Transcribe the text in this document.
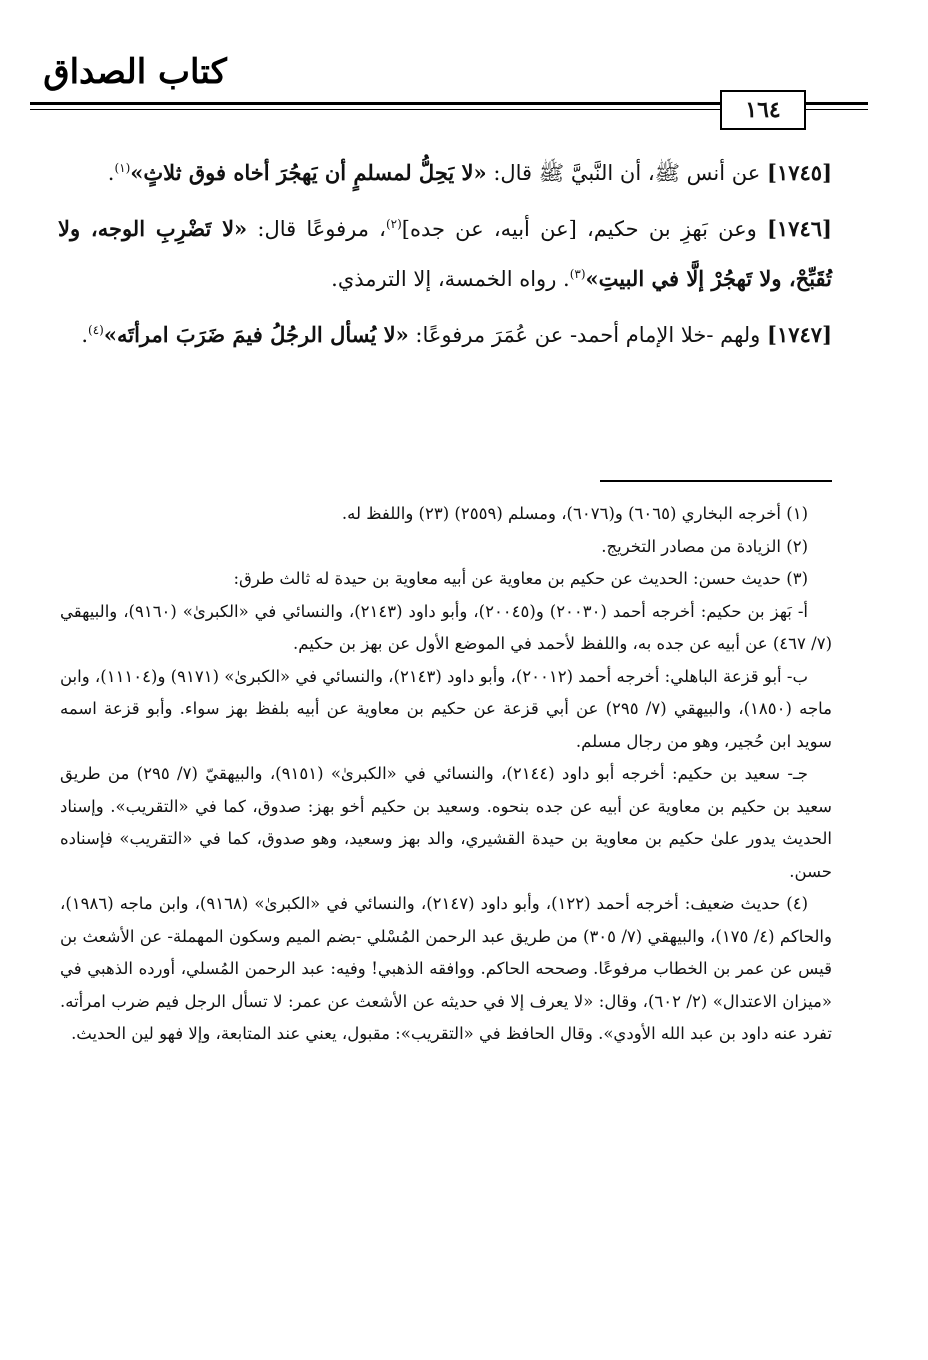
كتاب الصداق
١٦٤

[١٧٤٥] عن أنس ﷺ، أن النَّبيَّ ﷺ قال: «لا يَحِلُّ لمسلمٍ أن يَهجُرَ أخاه فوق ثلاثٍ»$^{(١)}$.

[١٧٤٦] وعن بَهزِ بن حكيم، [عن أبيه، عن جده]$^{(٢)}$، مرفوعًا قال: «لا تَضْرِبِ الوجه، ولا تُقَبِّحْ، ولا تَهجُرْ إلَّا في البيتِ»$^{(٣)}$. رواه الخمسة، إلا الترمذي.

[١٧٤٧] ولهم -خلا الإمام أحمد- عن عُمَرَ مرفوعًا: «لا يُسأل الرجُلُ فيمَ ضَرَبَ امرأتَه»$^{(٤)}$.

(١) أخرجه البخاري (٦٠٦٥) و(٦٠٧٦)، ومسلم (٢٥٥٩) (٢٣) واللفظ له.

(٢) الزيادة من مصادر التخريج.

(٣) حديث حسن: الحديث عن حكيم بن معاوية عن أبيه معاوية بن حيدة له ثالث طرق:

أ- بَهز بن حكيم: أخرجه أحمد (٢٠٠٣٠) و(٢٠٠٤٥)، وأبو داود (٢١٤٣)، والنسائي في «الكبرىٰ» (٩١٦٠)، والبيهقي (٧/ ٤٦٧) عن أبيه عن جده به، واللفظ لأحمد في الموضع الأول عن بهز بن حكيم.

ب- أبو قزعة الباهلي: أخرجه أحمد (٢٠٠١٢)، وأبو داود (٢١٤٣)، والنسائي في «الكبرىٰ» (٩١٧١) و(١١١٠٤)، وابن ماجه (١٨٥٠)، والبيهقي (٧/ ٢٩٥) عن أبي قزعة عن حكيم بن معاوية عن أبيه بلفظ بهز سواء. وأبو قزعة اسمه سويد ابن حُجير، وهو من رجال مسلم.

جـ- سعيد بن حكيم: أخرجه أبو داود (٢١٤٤)، والنسائي في «الكبرىٰ» (٩١٥١)، والبيهقيّ (٧/ ٢٩٥) من طريق سعيد بن حكيم بن معاوية عن أبيه عن جده بنحوه. وسعيد بن حكيم أخو بهز: صدوق، كما في «التقريب». وإسناد الحديث يدور علىٰ حكيم بن معاوية بن حيدة القشيري، والد بهز وسعيد، وهو صدوق، كما في «التقريب» فإسناده حسن.

(٤) حديث ضعيف: أخرجه أحمد (١٢٢)، وأبو داود (٢١٤٧)، والنسائي في «الكبرىٰ» (٩١٦٨)، وابن ماجه (١٩٨٦)، والحاكم (٤/ ١٧٥)، والبيهقي (٧/ ٣٠٥) من طريق عبد الرحمن المُسْلي -بضم الميم وسكون المهملة- عن الأشعث بن قيس عن عمر بن الخطاب مرفوعًا. وصححه الحاكم. ووافقه الذهبي! وفيه: عبد الرحمن المُسلي، أورده الذهبي في «ميزان الاعتدال» (٢/ ٦٠٢)، وقال: «لا يعرف إلا في حديثه عن الأشعث عن عمر: لا تسأل الرجل فيم ضرب امرأته. تفرد عنه داود بن عبد الله الأودي». وقال الحافظ في «التقريب»: مقبول، يعني عند المتابعة، وإلا فهو لين الحديث.
